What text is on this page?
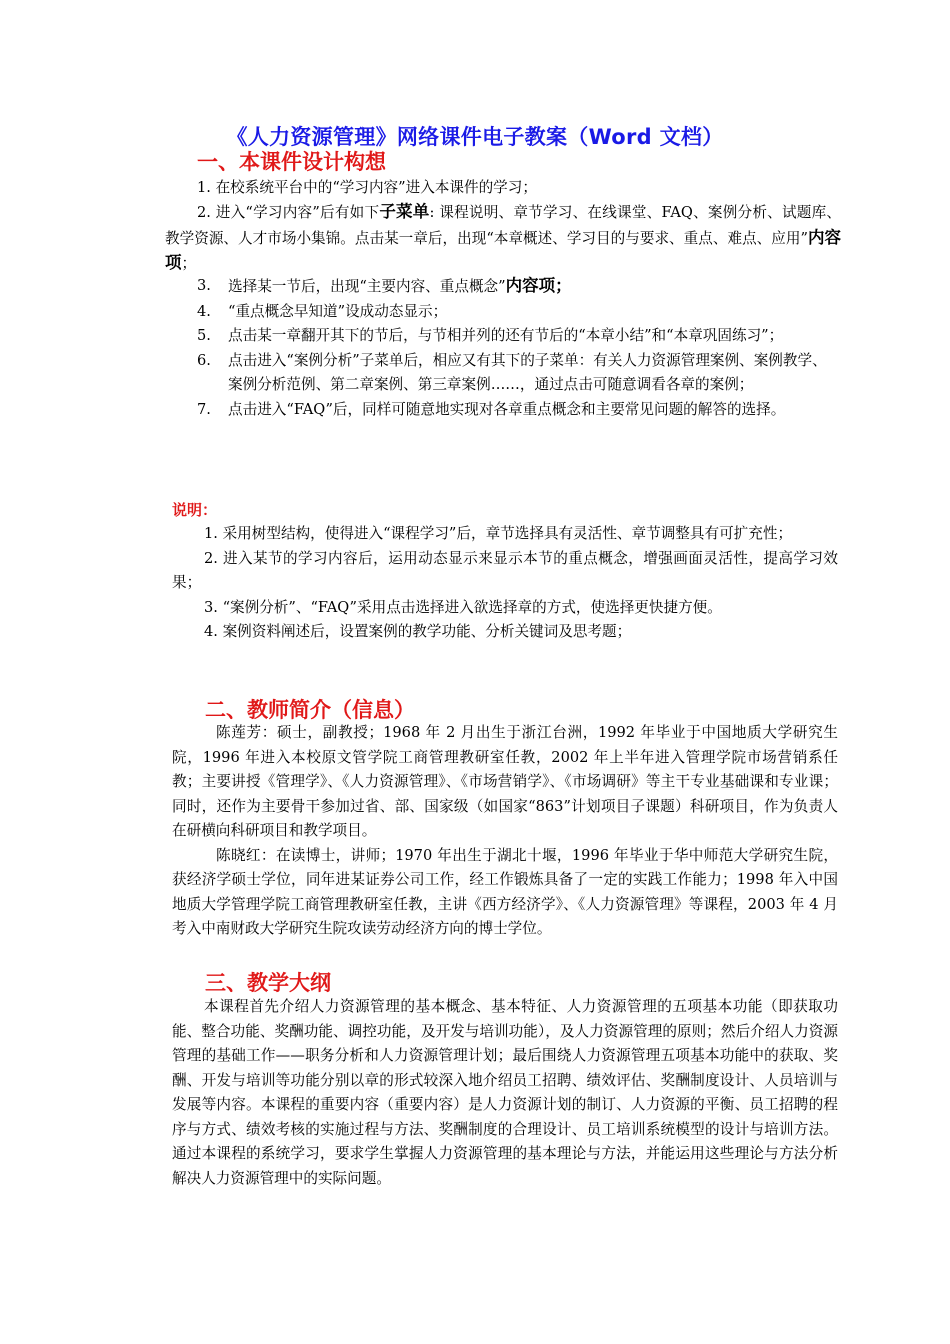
《人力资源管理》网络课件电子教案（Word 文档）
一、本课件设计构想

1. 在校系统平台中的“学习内容”进入本课件的学习；

2. 进入“学习内容”后有如下子菜单: 课程说明、章节学习、在线课堂、FAQ、案例分析、试题库、教学资源、人才市场小集锦。点击某一章后，出现“本章概述、学习目的与要求、重点、难点、应用”内容项；
3.	选择某一节后，出现“主要内容、重点概念”内容项；
4.	“重点概念早知道”设成动态显示；
5.	点击某一章翻开其下的节后，与节相并列的还有节后的“本章小结”和“本章巩固练习”；
6.	点击进入“案例分析”子菜单后，相应又有其下的子菜单：有关人力资源管理案例、案例教学、案例分析范例、第二章案例、第三章案例……，通过点击可随意调看各章的案例；
7.	点击进入“FAQ”后，同样可随意地实现对各章重点概念和主要常见问题的解答的选择。
说明：

1. 采用树型结构，使得进入“课程学习”后，章节选择具有灵活性、章节调整具有可扩充性；

2. 进入某节的学习内容后，运用动态显示来显示本节的重点概念，增强画面灵活性，提高学习效果；

3. “案例分析”、“FAQ”采用点击选择进入欲选择章的方式，使选择更快捷方便。

4. 案例资料阐述后，设置案例的教学功能、分析关键词及思考题；

二、教师简介（信息）

陈莲芳：硕士，副教授；1968 年 2 月出生于浙江台洲，1992 年毕业于中国地质大学研究生院，1996 年进入本校原文管学院工商管理教研室任教，2002 年上半年进入管理学院市场营销系任教；主要讲授《管理学》、《人力资源管理》、《市场营销学》、《市场调研》等主干专业基础课和专业课；同时，还作为主要骨干参加过省、部、国家级（如国家“863”计划项目子课题）科研项目，作为负责人在研横向科研项目和教学项目。

陈晓红：在读博士，讲师；1970 年出生于湖北十堰，1996 年毕业于华中师范大学研究生院，获经济学硕士学位，同年进某证券公司工作，经工作锻炼具备了一定的实践工作能力；1998 年入中国地质大学管理学院工商管理教研室任教，主讲《西方经济学》、《人力资源管理》等课程，2003 年 4 月考入中南财政大学研究生院攻读劳动经济方向的博士学位。

三、教学大纲

本课程首先介绍人力资源管理的基本概念、基本特征、人力资源管理的五项基本功能（即获取功能、整合功能、奖酬功能、调控功能，及开发与培训功能），及人力资源管理的原则；然后介绍人力资源管理的基础工作——职务分析和人力资源管理计划；最后围绕人力资源管理五项基本功能中的获取、奖酬、开发与培训等功能分别以章的形式较深入地介绍员工招聘、绩效评估、奖酬制度设计、人员培训与发展等内容。本课程的重要内容（重要内容）是人力资源计划的制订、人力资源的平衡、员工招聘的程序与方式、绩效考核的实施过程与方法、奖酬制度的合理设计、员工培训系统模型的设计与培训方法。通过本课程的系统学习，要求学生掌握人力资源管理的基本理论与方法，并能运用这些理论与方法分析解决人力资源管理中的实际问题。
